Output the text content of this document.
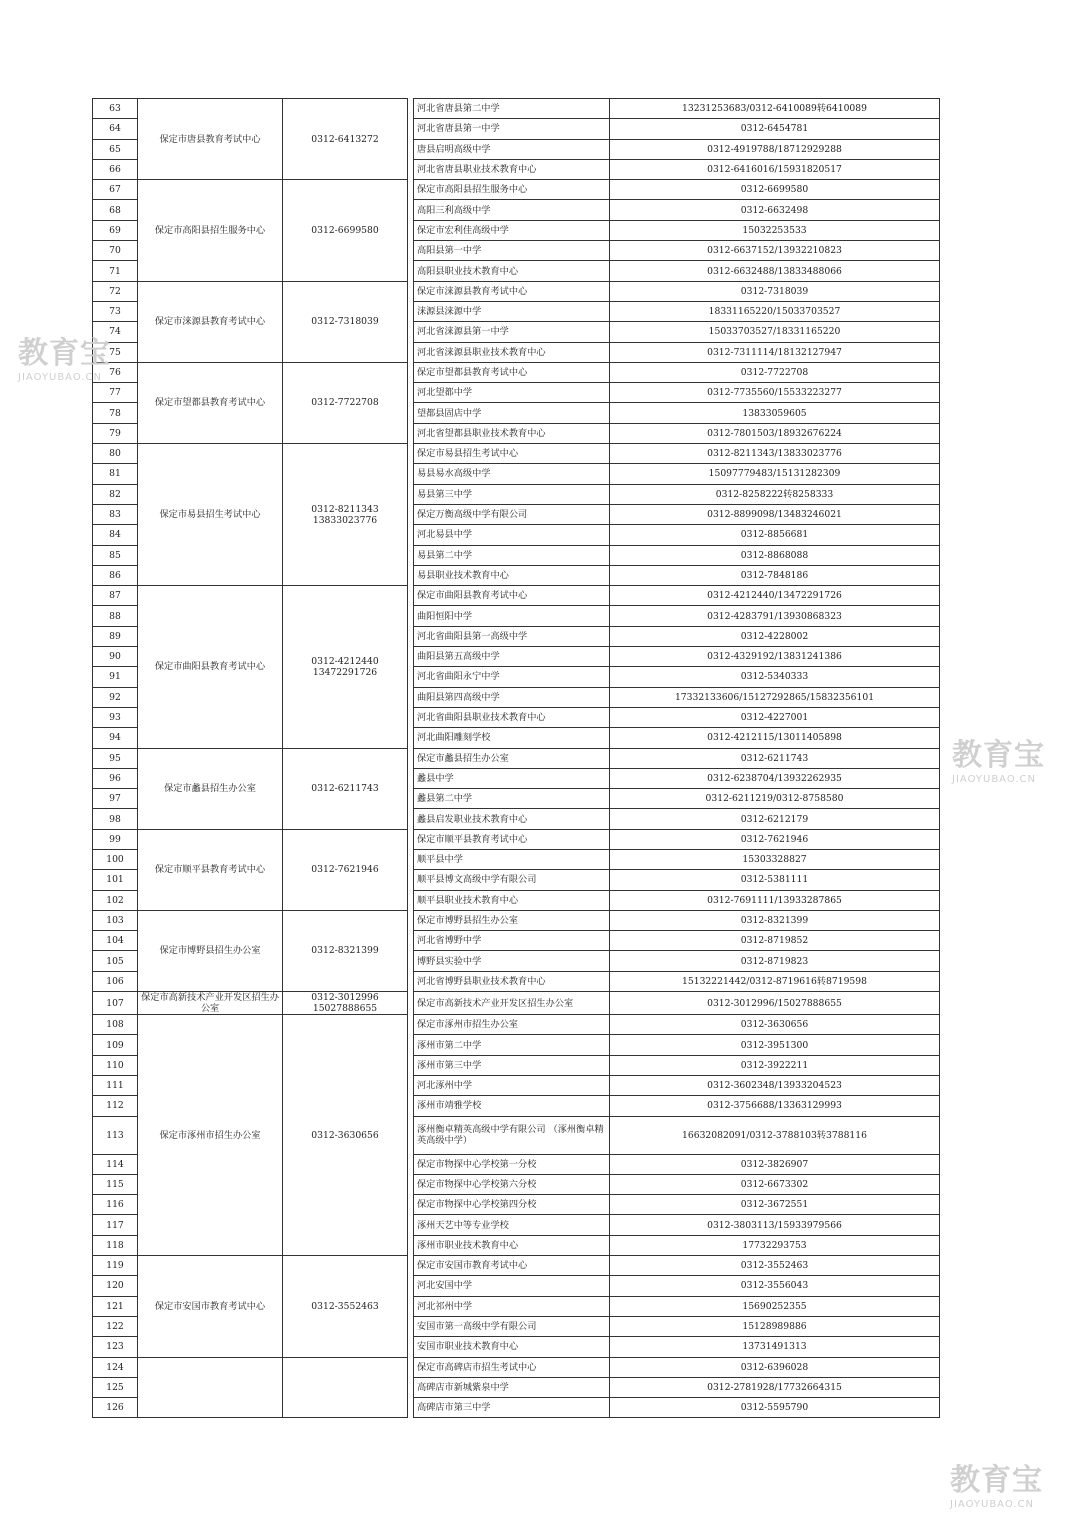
63	保定市唐县教育考试中心	0312-6413272		河北省唐县第二中学	13231253683/0312-6410089转6410089
64				河北省唐县第一中学	0312-6454781
65				唐县启明高级中学	0312-4919788/18712929288
66				河北省唐县职业技术教育中心	0312-6416016/15931820517
67	保定市高阳县招生服务中心	0312-6699580		保定市高阳县招生服务中心	0312-6699580
68				高阳三利高级中学	0312-6632498
69				保定市宏利佳高级中学	15032253533
70				高阳县第一中学	0312-6637152/13932210823
71				高阳县职业技术教育中心	0312-6632488/13833488066
72	保定市涞源县教育考试中心	0312-7318039		保定市涞源县教育考试中心	0312-7318039
73				涞源县涞源中学	18331165220/15033703527
74				河北省涞源县第一中学	15033703527/18331165220
75				河北省涞源县职业技术教育中心	0312-7311114/18132127947
76	保定市望都县教育考试中心	0312-7722708		保定市望都县教育考试中心	0312-7722708
77				河北望都中学	0312-7735560/15533223277
78				望都县固店中学	13833059605
79				河北省望都县职业技术教育中心	0312-7801503/18932676224
80	保定市易县招生考试中心	0312-8211343 13833023776		保定市易县招生考试中心	0312-8211343/13833023776
81				易县易水高级中学	15097779483/15131282309
82				易县第三中学	0312-8258222转8258333
83				保定万衡高级中学有限公司	0312-8899098/13483246021
84				河北易县中学	0312-8856681
85				易县第二中学	0312-8868088
86				易县职业技术教育中心	0312-7848186
87	保定市曲阳县教育考试中心	0312-4212440 13472291726		保定市曲阳县教育考试中心	0312-4212440/13472291726
88				曲阳恒阳中学	0312-4283791/13930868323
89				河北省曲阳县第一高级中学	0312-4228002
90				曲阳县第五高级中学	0312-4329192/13831241386
91				河北省曲阳永宁中学	0312-5340333
92				曲阳县第四高级中学	17332133606/15127292865/15832356101
93				河北省曲阳县职业技术教育中心	0312-4227001
94				河北曲阳雕刻学校	0312-4212115/13011405898
95	保定市蠡县招生办公室	0312-6211743		保定市蠡县招生办公室	0312-6211743
96				蠡县中学	0312-6238704/13932262935
97				蠡县第二中学	0312-6211219/0312-8758580
98				蠡县启发职业技术教育中心	0312-6212179
99	保定市顺平县教育考试中心	0312-7621946		保定市顺平县教育考试中心	0312-7621946
100				顺平县中学	15303328827
101				顺平县博文高级中学有限公司	0312-5381111
102				顺平县职业技术教育中心	0312-7691111/13933287865
103	保定市博野县招生办公室	0312-8321399		保定市博野县招生办公室	0312-8321399
104				河北省博野中学	0312-8719852
105				博野县实验中学	0312-8719823
106				河北省博野县职业技术教育中心	15132221442/0312-8719616转8719598
107	保定市高新技术产业开发区招生办公室	0312-3012996 15027888655		保定市高新技术产业开发区招生办公室	0312-3012996/15027888655
108	保定市涿州市招生办公室	0312-3630656		保定市涿州市招生办公室	0312-3630656
109				涿州市第二中学	0312-3951300
110				涿州市第三中学	0312-3922211
111				河北涿州中学	0312-3602348/13933204523
112				涿州市靖雅学校	0312-3756688/13363129993
113				涿州衡卓精英高级中学有限公司 （涿州衡卓精英高级中学）	16632082091/0312-3788103转3788116
114				保定市物探中心学校第一分校	0312-3826907
115				保定市物探中心学校第六分校	0312-6673302
116				保定市物探中心学校第四分校	0312-3672551
117				涿州天艺中等专业学校	0312-3803113/15933979566
118				涿州市职业技术教育中心	17732293753
119	保定市安国市教育考试中心	0312-3552463		保定市安国市教育考试中心	0312-3552463
120				河北安国中学	0312-3556043
121				河北祁州中学	15690252355
122				安国市第一高级中学有限公司	15128989886
123				安国市职业技术教育中心	13731491313
124				保定市高碑店市招生考试中心	0312-6396028
125				高碑店市新城紫泉中学	0312-2781928/17732664315
126				高碑店市第三中学	0312-5595790
教育宝
JIAOYUBAO.CN
教育宝
JIAOYUBAO.CN
教育宝
JIAOYUBAO.CN
